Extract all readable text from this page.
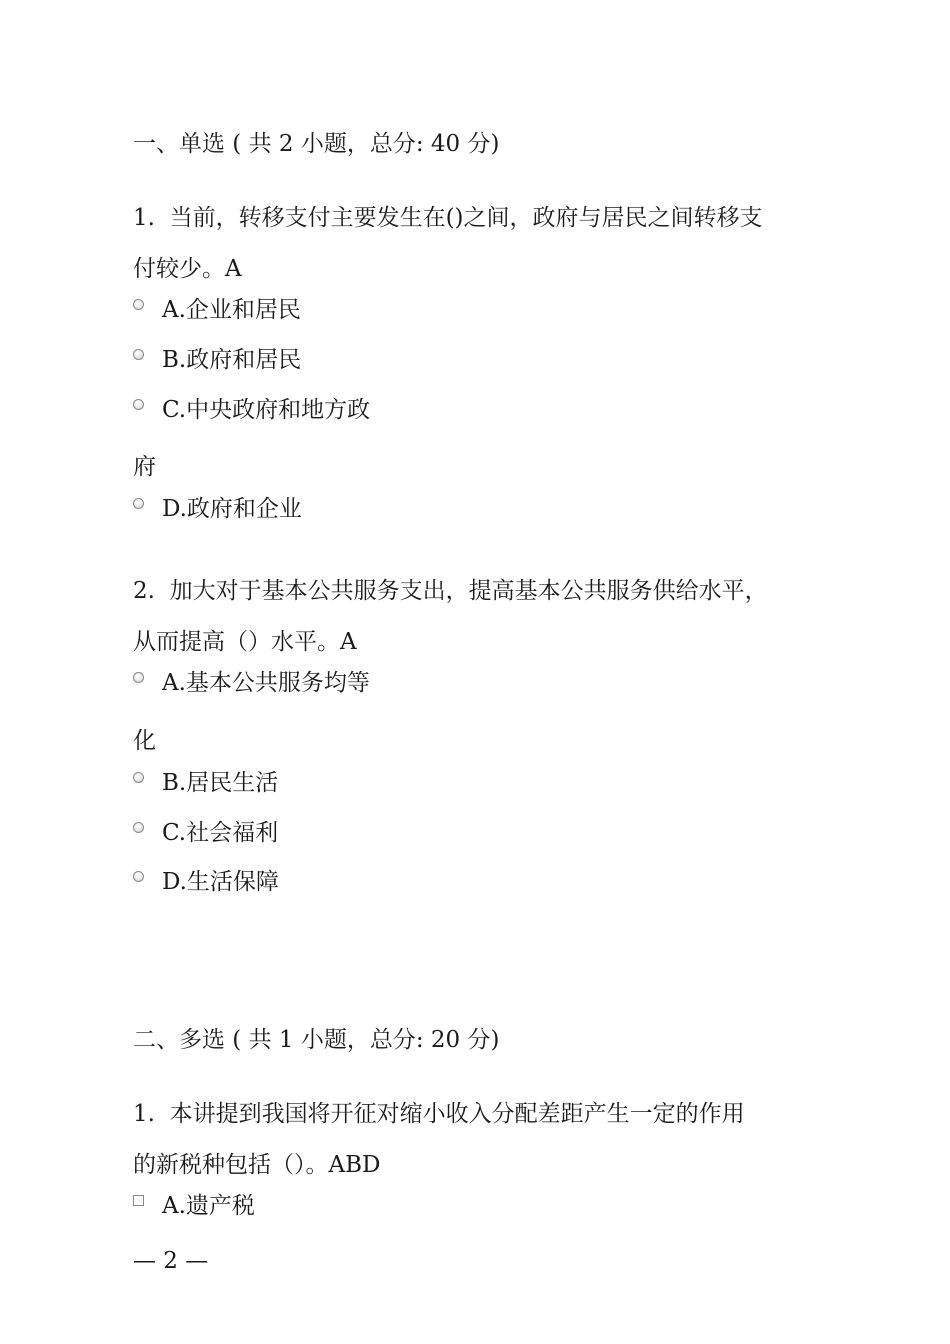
一、单选 ( 共 2 小题，总分: 40 分)
1.  当前，转移支付主要发生在()之间，政府与居民之间转移支
付较少。A
A.企业和居民
B.政府和居民
C.中央政府和地方政
府
D.政府和企业
2.  加大对于基本公共服务支出，提高基本公共服务供给水平，
从而提高（）水平。A
A.基本公共服务均等
化
B.居民生活
C.社会福利
D.生活保障
二、多选 ( 共 1 小题，总分: 20 分)
1.  本讲提到我国将开征对缩小收入分配差距产生一定的作用
的新税种包括（）。ABD
A.遗产税
— 2 —
